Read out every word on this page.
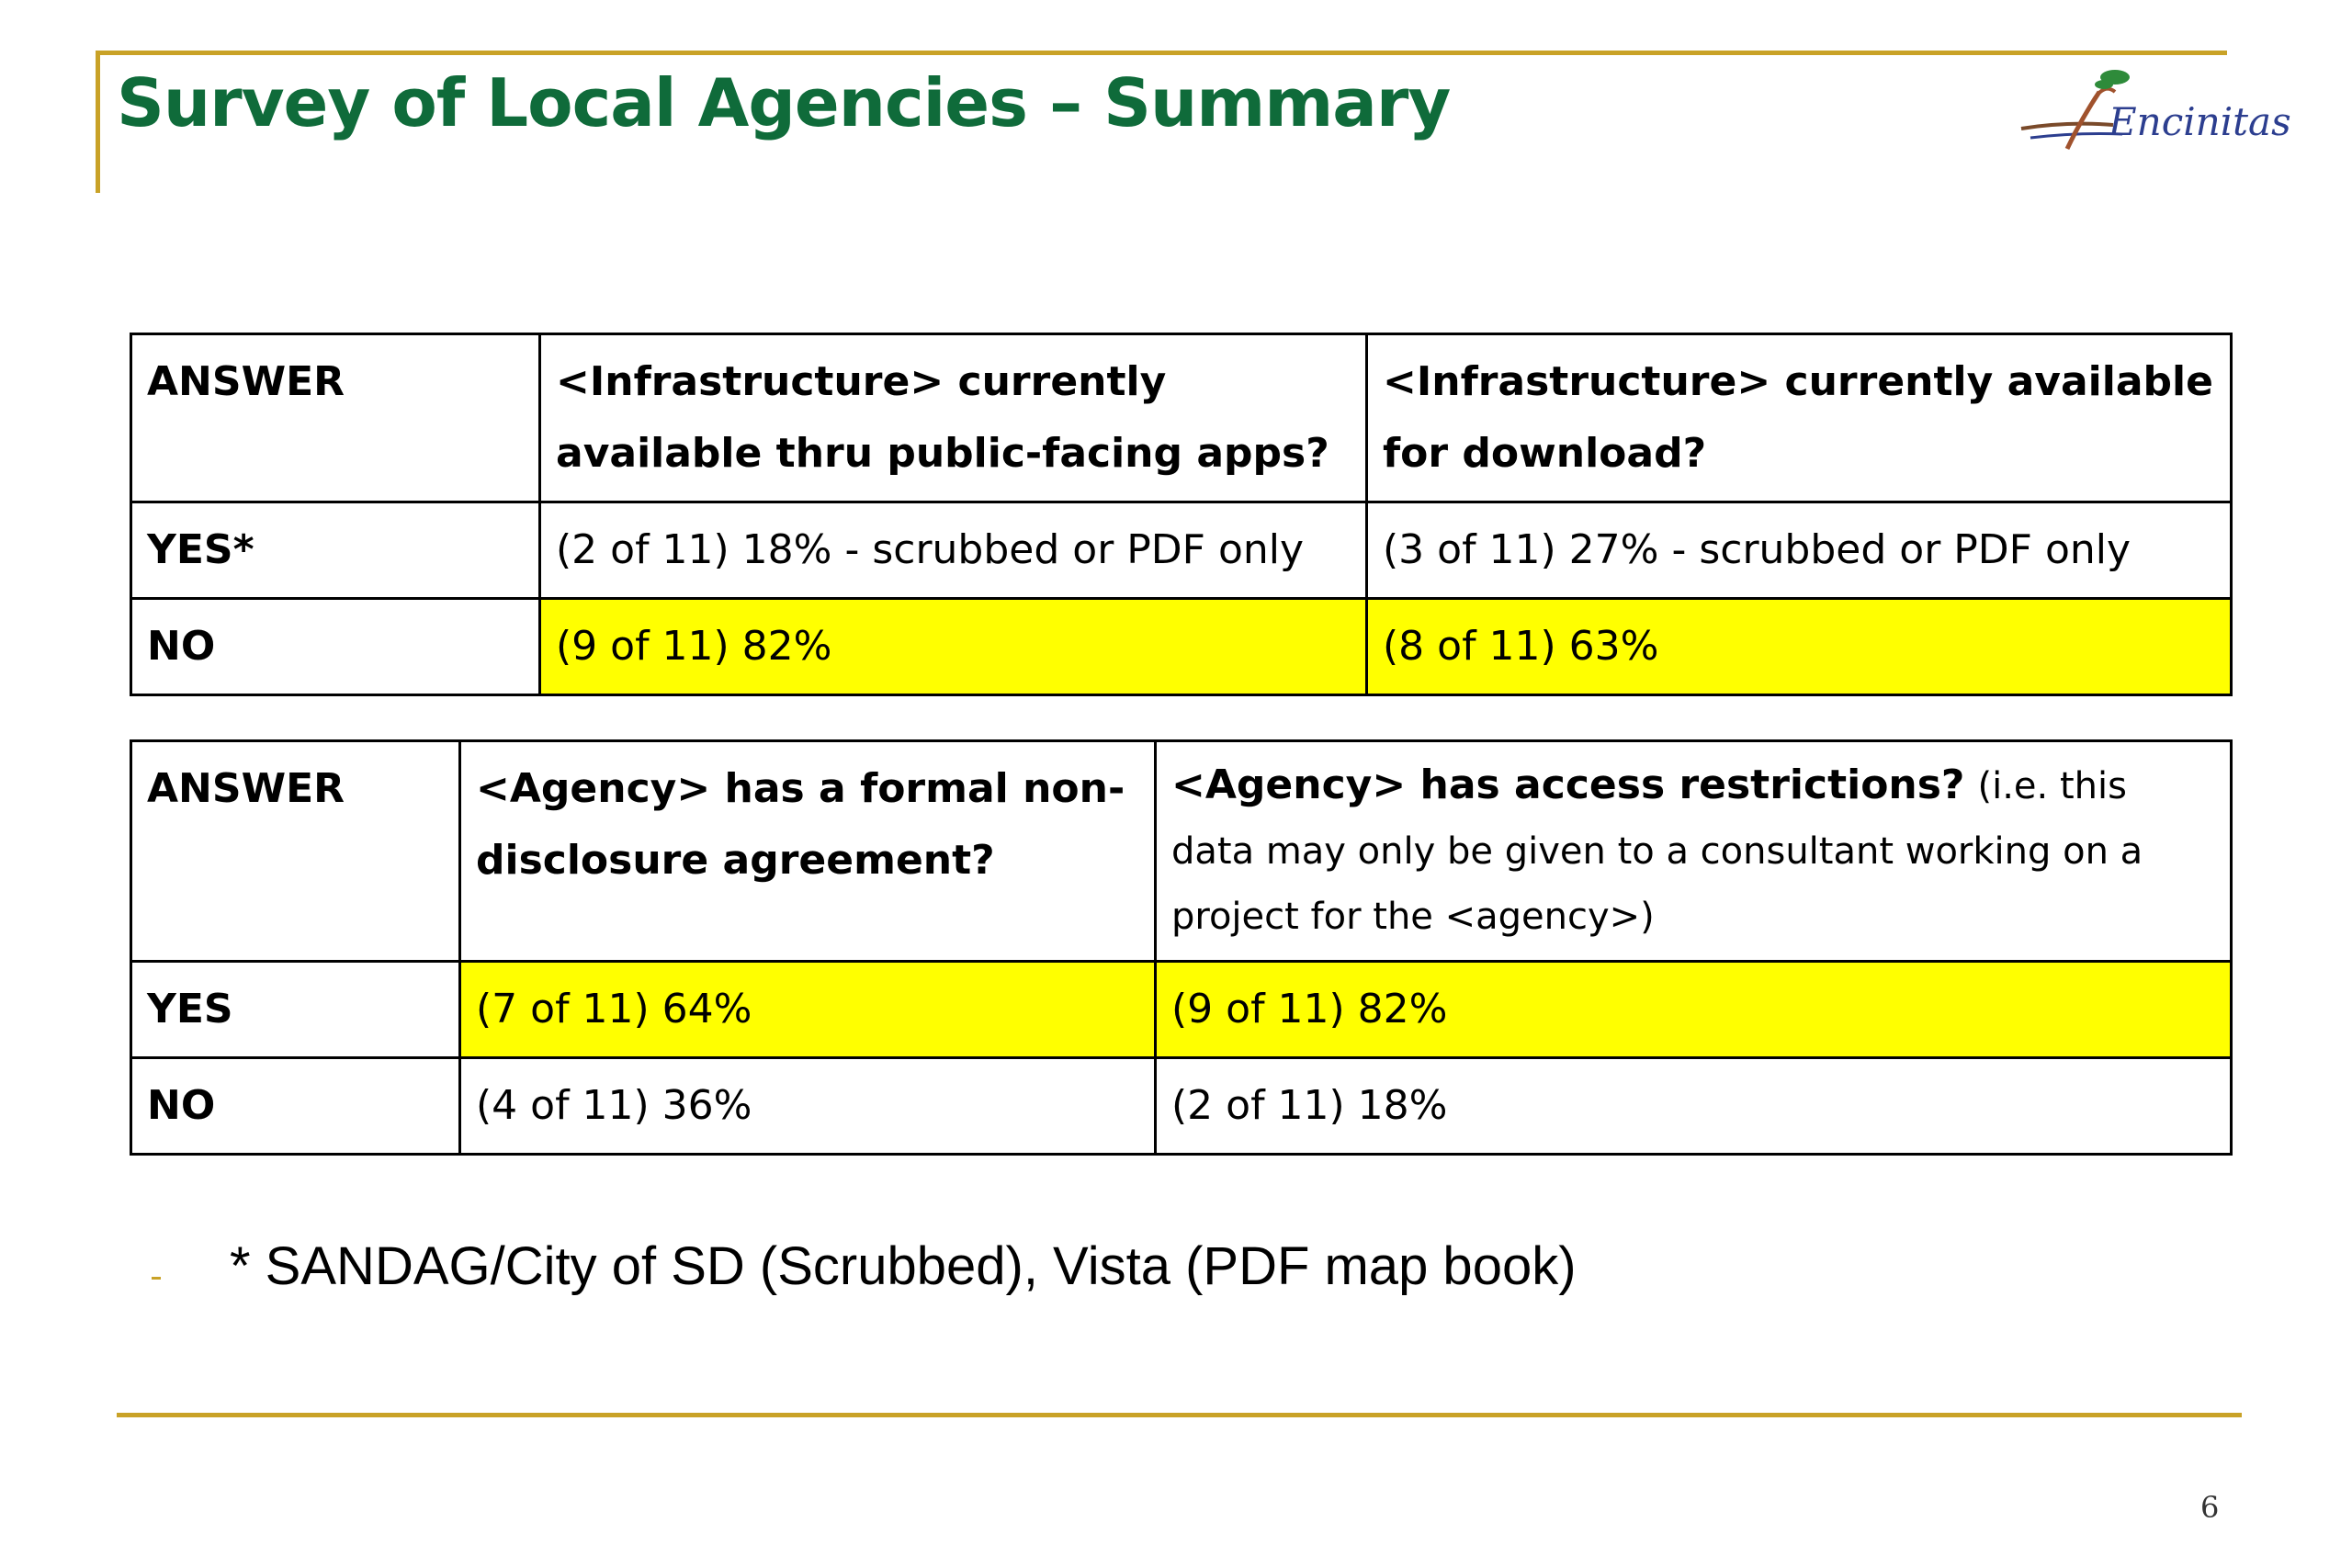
Survey of Local Agencies – Summary	Encinitas
ANSWER	<Infrastructure> currently available thru public-facing apps?	<Infrastructure> currently available for download?
YES*	(2 of 11) 18% - scrubbed or PDF only	(3 of 11) 27% - scrubbed or PDF only
NO	(9 of 11) 82%	(8 of 11) 63%
ANSWER	<Agency> has a formal non-disclosure agreement?	<Agency> has access restrictions? (i.e. this data may only be given to a consultant working on a project for the <agency>)
YES	(7 of 11) 64%	(9 of 11) 82%
NO	(4 of 11) 36%	(2 of 11) 18%
* SANDAG/City of SD (Scrubbed), Vista (PDF map book)
6
